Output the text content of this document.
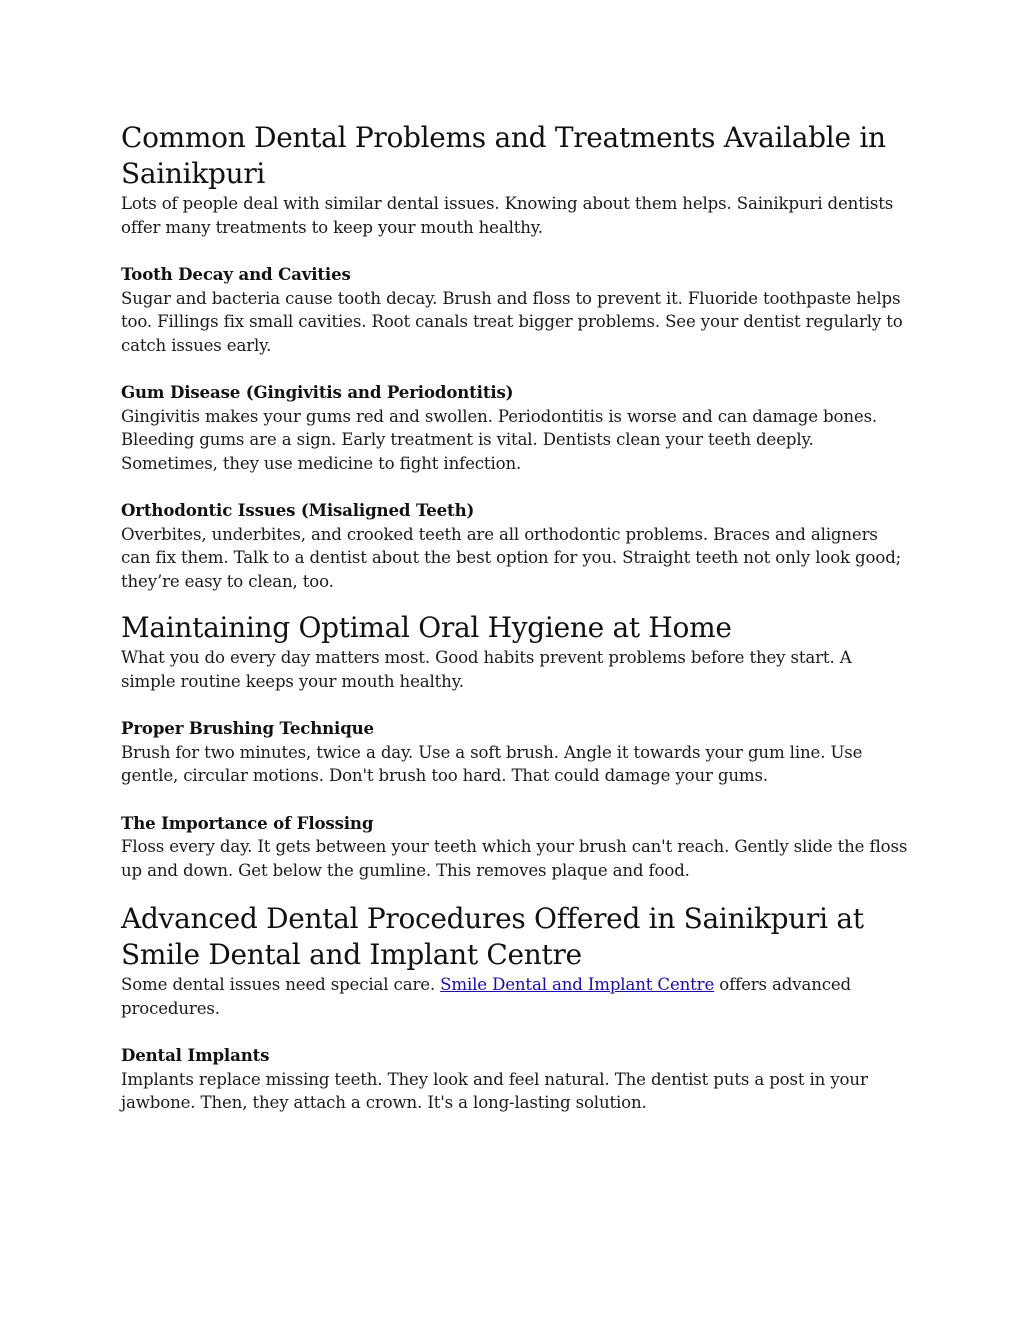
Common Dental Problems and Treatments Available in Sainikpuri

Lots of people deal with similar dental issues. Knowing about them helps. Sainikpuri dentists offer many treatments to keep your mouth healthy.

Tooth Decay and Cavities

Sugar and bacteria cause tooth decay. Brush and floss to prevent it. Fluoride toothpaste helps too. Fillings fix small cavities. Root canals treat bigger problems. See your dentist regularly to catch issues early.

Gum Disease (Gingivitis and Periodontitis)

Gingivitis makes your gums red and swollen. Periodontitis is worse and can damage bones. Bleeding gums are a sign. Early treatment is vital. Dentists clean your teeth deeply. Sometimes, they use medicine to fight infection.

Orthodontic Issues (Misaligned Teeth)

Overbites, underbites, and crooked teeth are all orthodontic problems. Braces and aligners can fix them. Talk to a dentist about the best option for you. Straight teeth not only look good; they’re easy to clean, too.

Maintaining Optimal Oral Hygiene at Home

What you do every day matters most. Good habits prevent problems before they start. A simple routine keeps your mouth healthy.

Proper Brushing Technique

Brush for two minutes, twice a day. Use a soft brush. Angle it towards your gum line. Use gentle, circular motions. Don't brush too hard. That could damage your gums.

The Importance of Flossing

Floss every day. It gets between your teeth which your brush can't reach. Gently slide the floss up and down. Get below the gumline. This removes plaque and food.

Advanced Dental Procedures Offered in Sainikpuri at Smile Dental and Implant Centre

Some dental issues need special care. Smile Dental and Implant Centre offers advanced procedures.

Dental Implants

Implants replace missing teeth. They look and feel natural. The dentist puts a post in your jawbone. Then, they attach a crown. It's a long-lasting solution.
